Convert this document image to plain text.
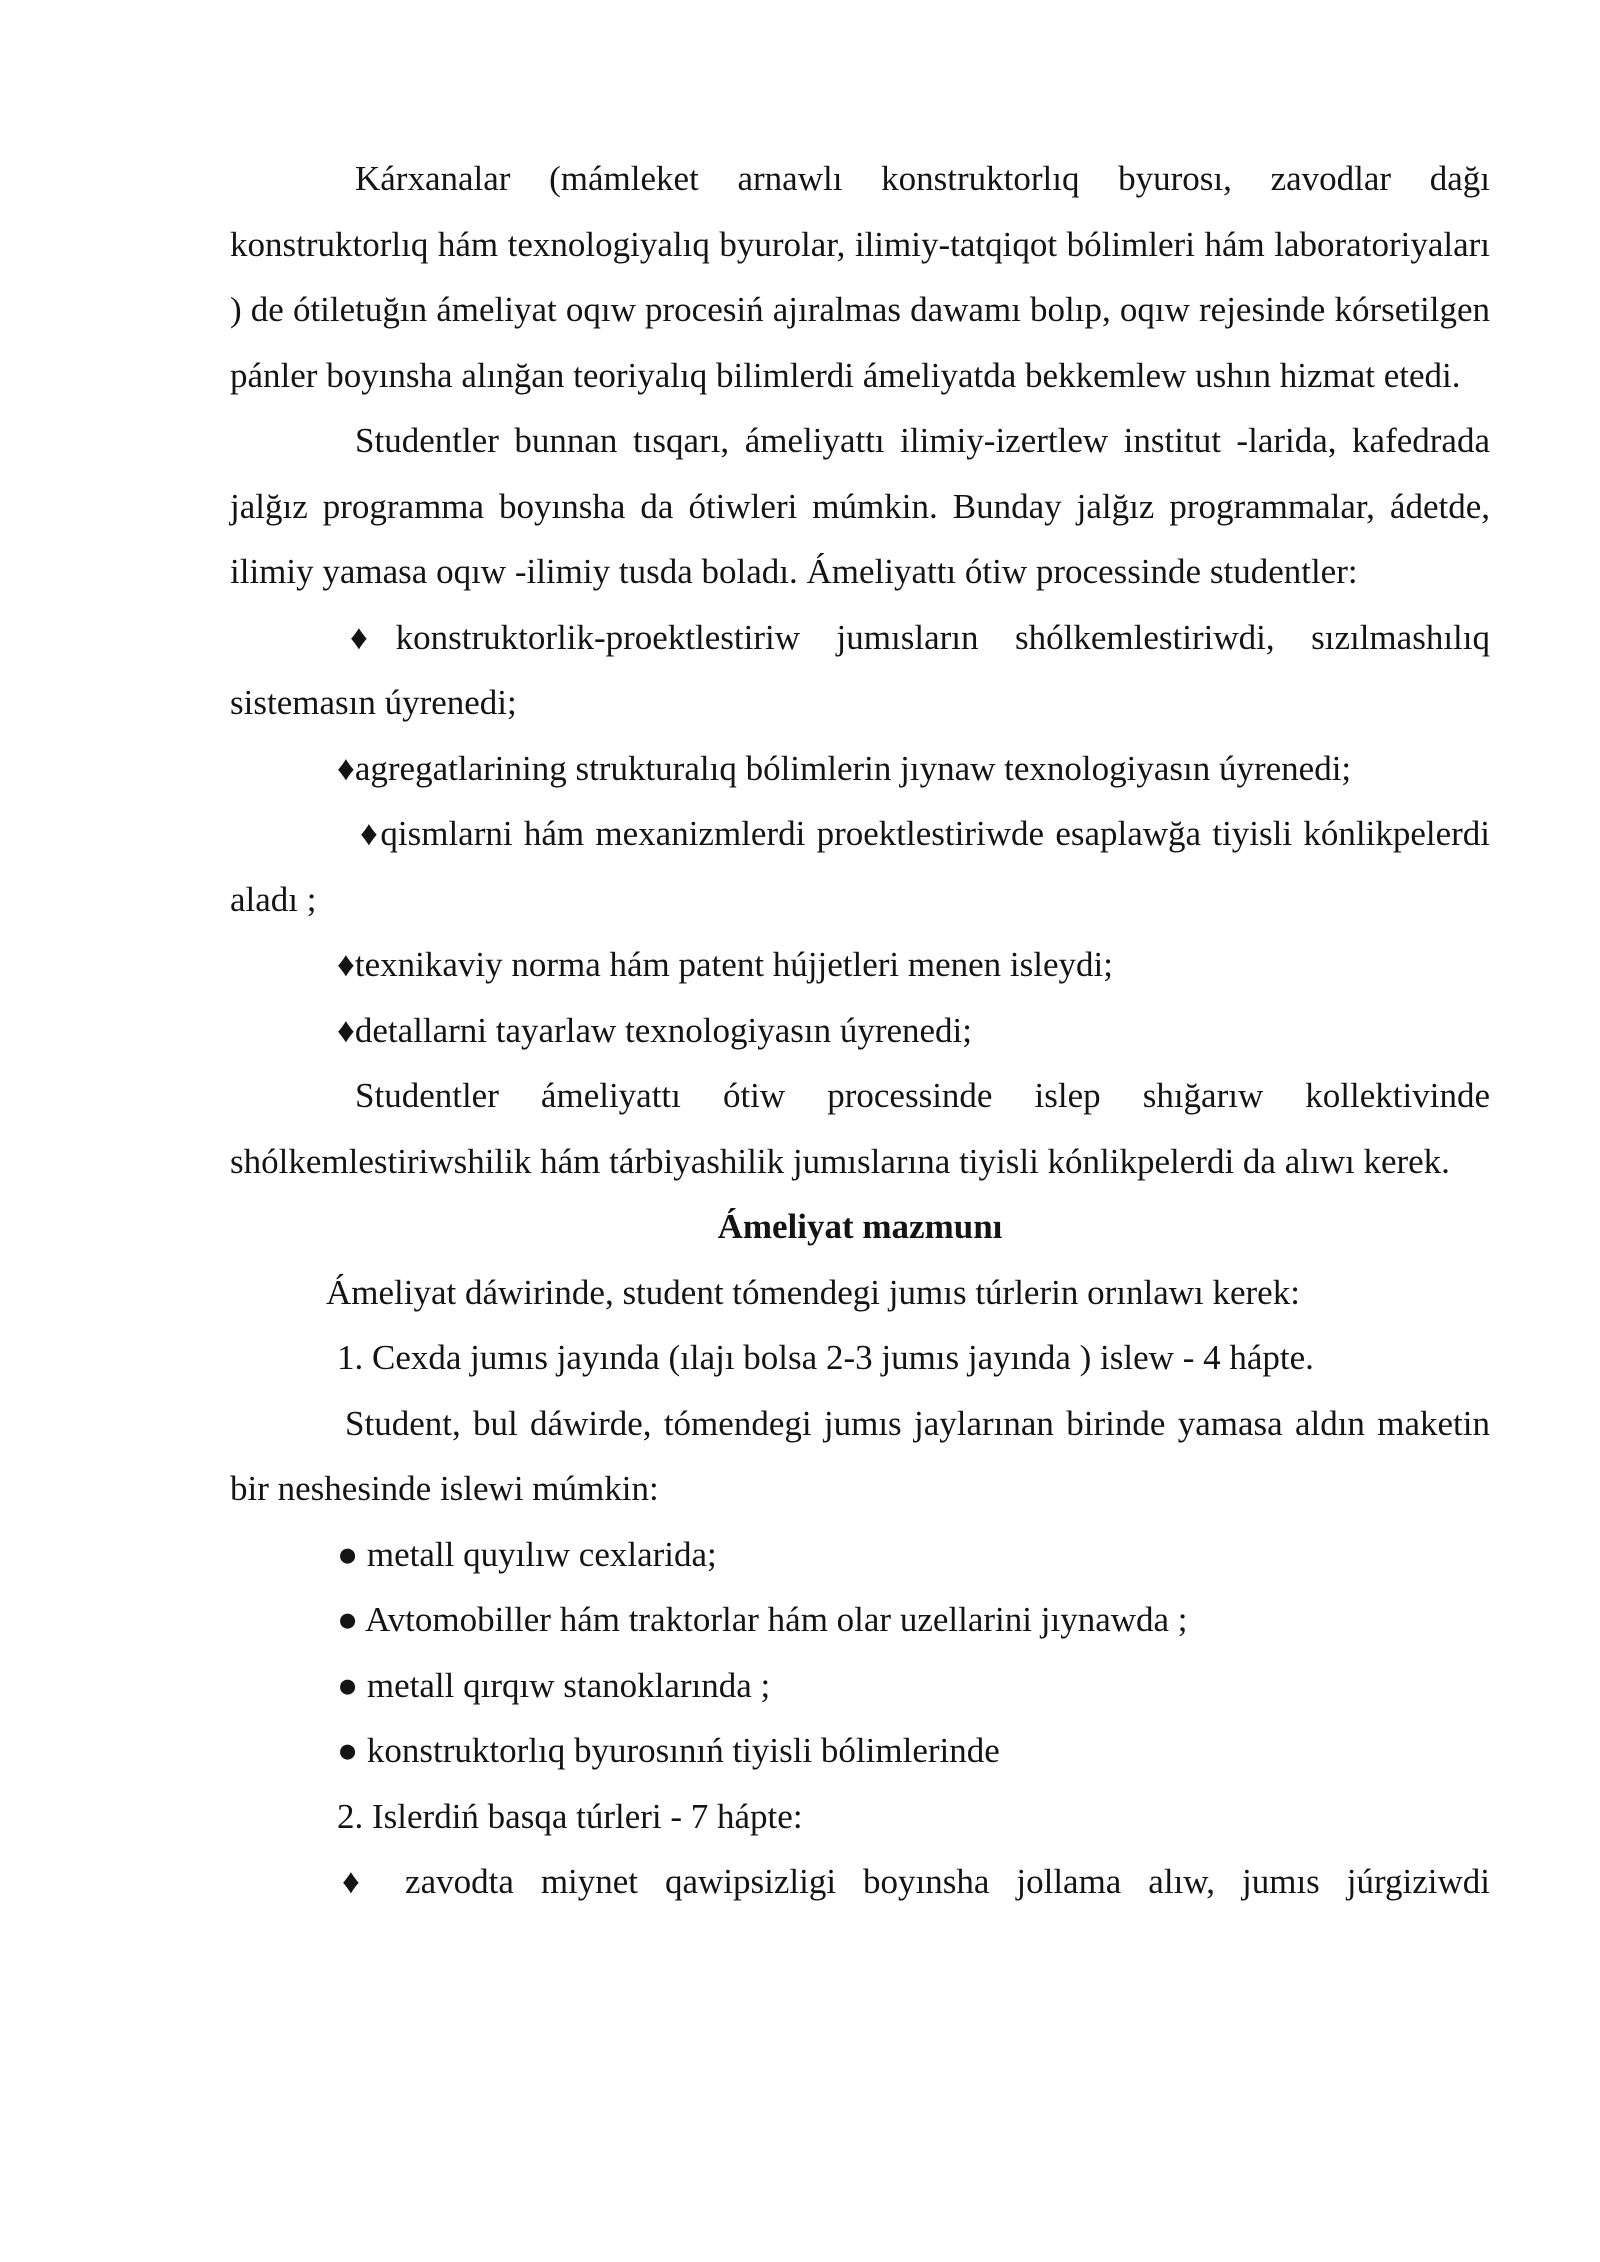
Kárxanalar (mámleket arnawlı konstruktorlıq byurosı, zavodlar dağı konstruktorlıq hám texnologiyalıq byurolar, ilimiy-tatqiqot bólimleri hám laboratoriyaları ) de ótiletuğın ámeliyat oqıw procesiń ajıralmas dawamı bolıp, oqıw rejesinde kórsetilgen pánler boyınsha alınğan teoriyalıq bilimlerdi ámeliyatda bekkemlew ushın hizmat etedi.

Studentler bunnan tısqarı, ámeliyattı ilimiy-izertlew institut -larida, kafedrada jalğız programma boyınsha da ótiwleri múmkin. Bunday jalğız programmalar, ádetde, ilimiy yamasa oqıw -ilimiy tusda boladı. Ámeliyattı ótiw processinde studentler:

♦konstruktorlik-proektlestiriw jumısların shólkemlestiriwdi, sızılmashılıq sistemasın úyrenedi;

♦agregatlarining strukturalıq bólimlerin jıynaw texnologiyasın úyrenedi;

♦qismlarni hám mexanizmlerdi proektlestiriwde esaplawğa tiyisli kónlikpelerdi aladı ;

♦texnikaviy norma hám patent hújjetleri menen isleydi;

♦detallarni tayarlaw texnologiyasın úyrenedi;

Studentler ámeliyattı ótiw processinde islep shığarıw kollektivinde shólkemlestiriwshilik hám tárbiyashilik jumıslarına tiyisli kónlikpelerdi da alıwı kerek.

Ámeliyat mazmunı

Ámeliyat dáwirinde, student tómendegi jumıs túrlerin orınlawı kerek:

1. Cexda jumıs jayında (ılajı bolsa 2-3 jumıs jayında ) islew - 4 hápte.

Student, bul dáwirde, tómendegi jumıs jaylarınan birinde yamasa aldın maketin bir neshesinde islewi múmkin:

● metall quyılıw cexlarida;

● Avtomobiller hám traktorlar hám olar uzellarini jıynawda ;

● metall qırqıw stanoklarında ;

● konstruktorlıq byurosınıń tiyisli bólimlerinde

2. Islerdiń basqa túrleri - 7 hápte:

♦ zavodta miynet qawipsizligi boyınsha jollama alıw, jumıs júrgiziwdi
